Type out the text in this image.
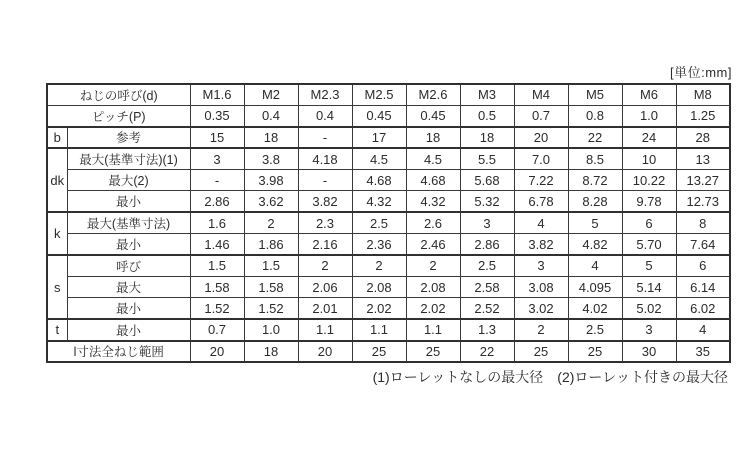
[単位:mm]
ねじの呼び(d)		M1.6	M2	M2.3	M2.5	M2.6	M3	M4	M5	M6	M8
ピッチ(P)		0.35	0.4	0.4	0.45	0.45	0.5	0.7	0.8	1.0	1.25
b	参考	15	18	-	17	18	18	20	22	24	28
dk	最大(基準寸法)(1)	3	3.8	4.18	4.5	4.5	5.5	7.0	8.5	10	13
	最大(2)	-	3.98	-	4.68	4.68	5.68	7.22	8.72	10.22	13.27
	最小	2.86	3.62	3.82	4.32	4.32	5.32	6.78	8.28	9.78	12.73
k	最大(基準寸法)	1.6	2	2.3	2.5	2.6	3	4	5	6	8
	最小	1.46	1.86	2.16	2.36	2.46	2.86	3.82	4.82	5.70	7.64
s	呼び	1.5	1.5	2	2	2	2.5	3	4	5	6
	最大	1.58	1.58	2.06	2.08	2.08	2.58	3.08	4.095	5.14	6.14
	最小	1.52	1.52	2.01	2.02	2.02	2.52	3.02	4.02	5.02	6.02
t	最小	0.7	1.0	1.1	1.1	1.1	1.3	2	2.5	3	4
l寸法全ねじ範囲		20	18	20	25	25	22	25	25	30	35
(1)ローレットなしの最大径　(2)ローレット付きの最大径
